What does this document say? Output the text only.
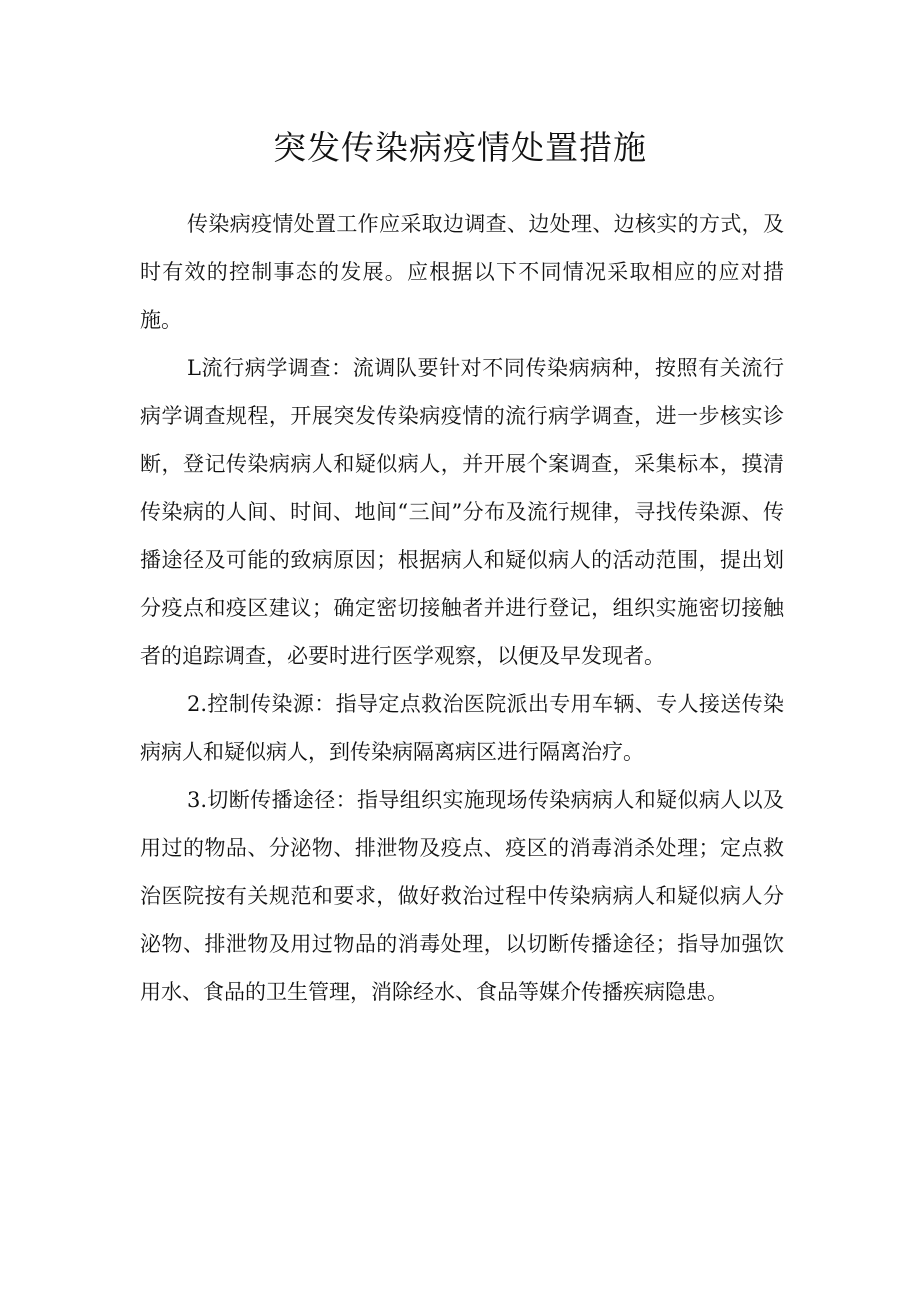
突发传染病疫情处置措施

传染病疫情处置工作应采取边调查、边处理、边核实的方式，及时有效的控制事态的发展。应根据以下不同情况采取相应的应对措施。

L流行病学调查：流调队要针对不同传染病病种，按照有关流行病学调查规程，开展突发传染病疫情的流行病学调查，进一步核实诊断，登记传染病病人和疑似病人，并开展个案调查，采集标本，摸清传染病的人间、时间、地间“三间”分布及流行规律，寻找传染源、传播途径及可能的致病原因；根据病人和疑似病人的活动范围，提出划分疫点和疫区建议；确定密切接触者并进行登记，组织实施密切接触者的追踪调查，必要时进行医学观察，以便及早发现者。

2.控制传染源：指导定点救治医院派出专用车辆、专人接送传染病病人和疑似病人，到传染病隔离病区进行隔离治疗。

3.切断传播途径：指导组织实施现场传染病病人和疑似病人以及用过的物品、分泌物、排泄物及疫点、疫区的消毒消杀处理；定点救治医院按有关规范和要求，做好救治过程中传染病病人和疑似病人分泌物、排泄物及用过物品的消毒处理，以切断传播途径；指导加强饮用水、食品的卫生管理，消除经水、食品等媒介传播疾病隐患。
